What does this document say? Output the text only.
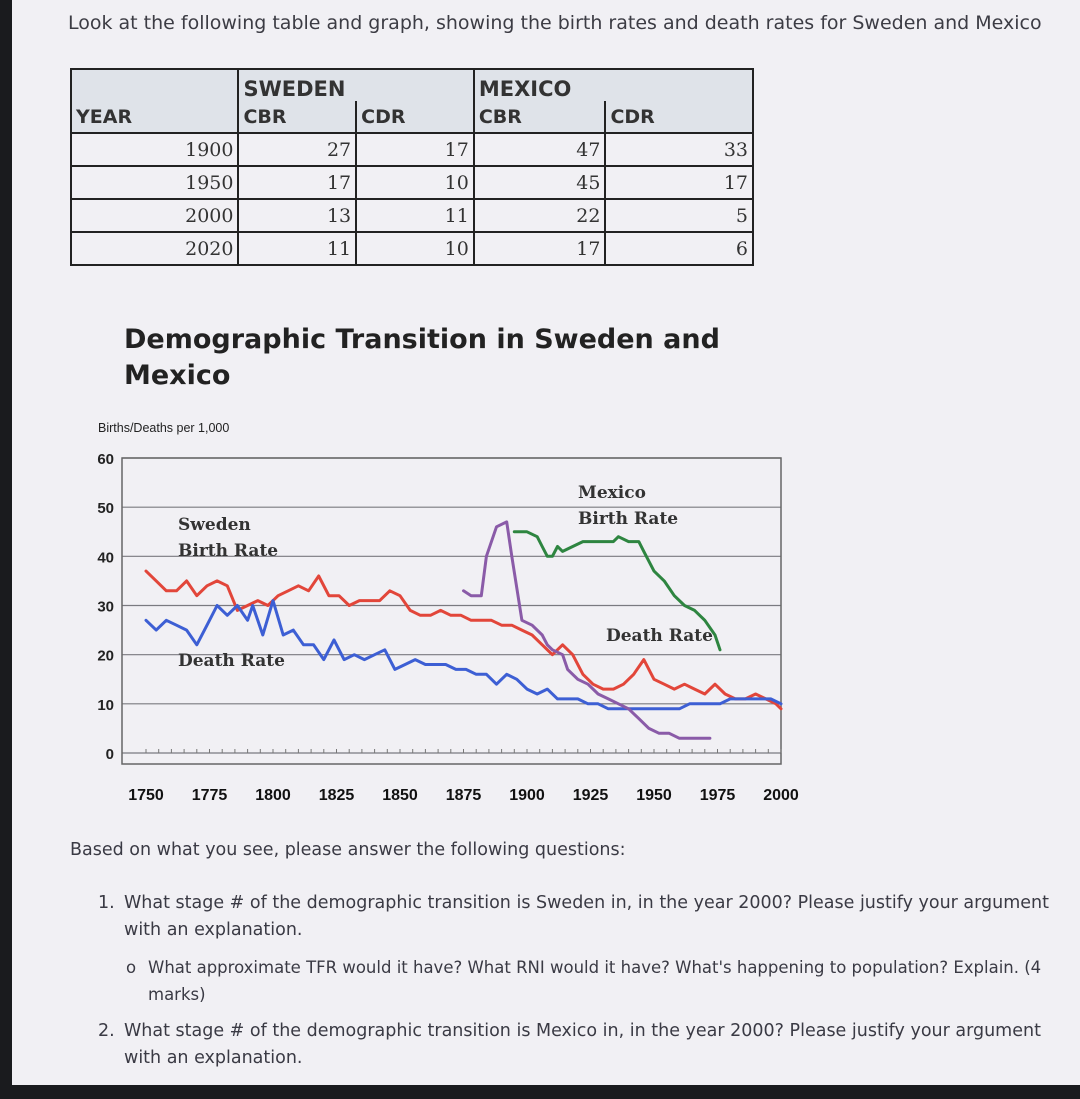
Look at the following table and graph, showing the birth rates and death rates for Sweden and Mexico
	SWEDEN		MEXICO	
YEAR	CBR	CDR	CBR	CDR
1900	27	17	47	33
1950	17	10	45	17
2000	13	11	22	5
2020	11	10	17	6
Demographic Transition in Sweden and Mexico
Births/Deaths per 1,000
60
50
40
30
20
10
0
1750 1775 1800 1825 1850 1875 1900 1925 1950 1975 2000
Sweden
Birth Rate
Death Rate
Mexico
Birth Rate
Death Rate

Based on what you see, please answer the following questions:

1. What stage # of the demographic transition is Sweden in, in the year 2000? Please justify your argument with an explanation.
o What approximate TFR would it have? What RNI would it have? What's happening to population? Explain. (4 marks)
2. What stage # of the demographic transition is Mexico in, in the year 2000? Please justify your argument with an explanation.
